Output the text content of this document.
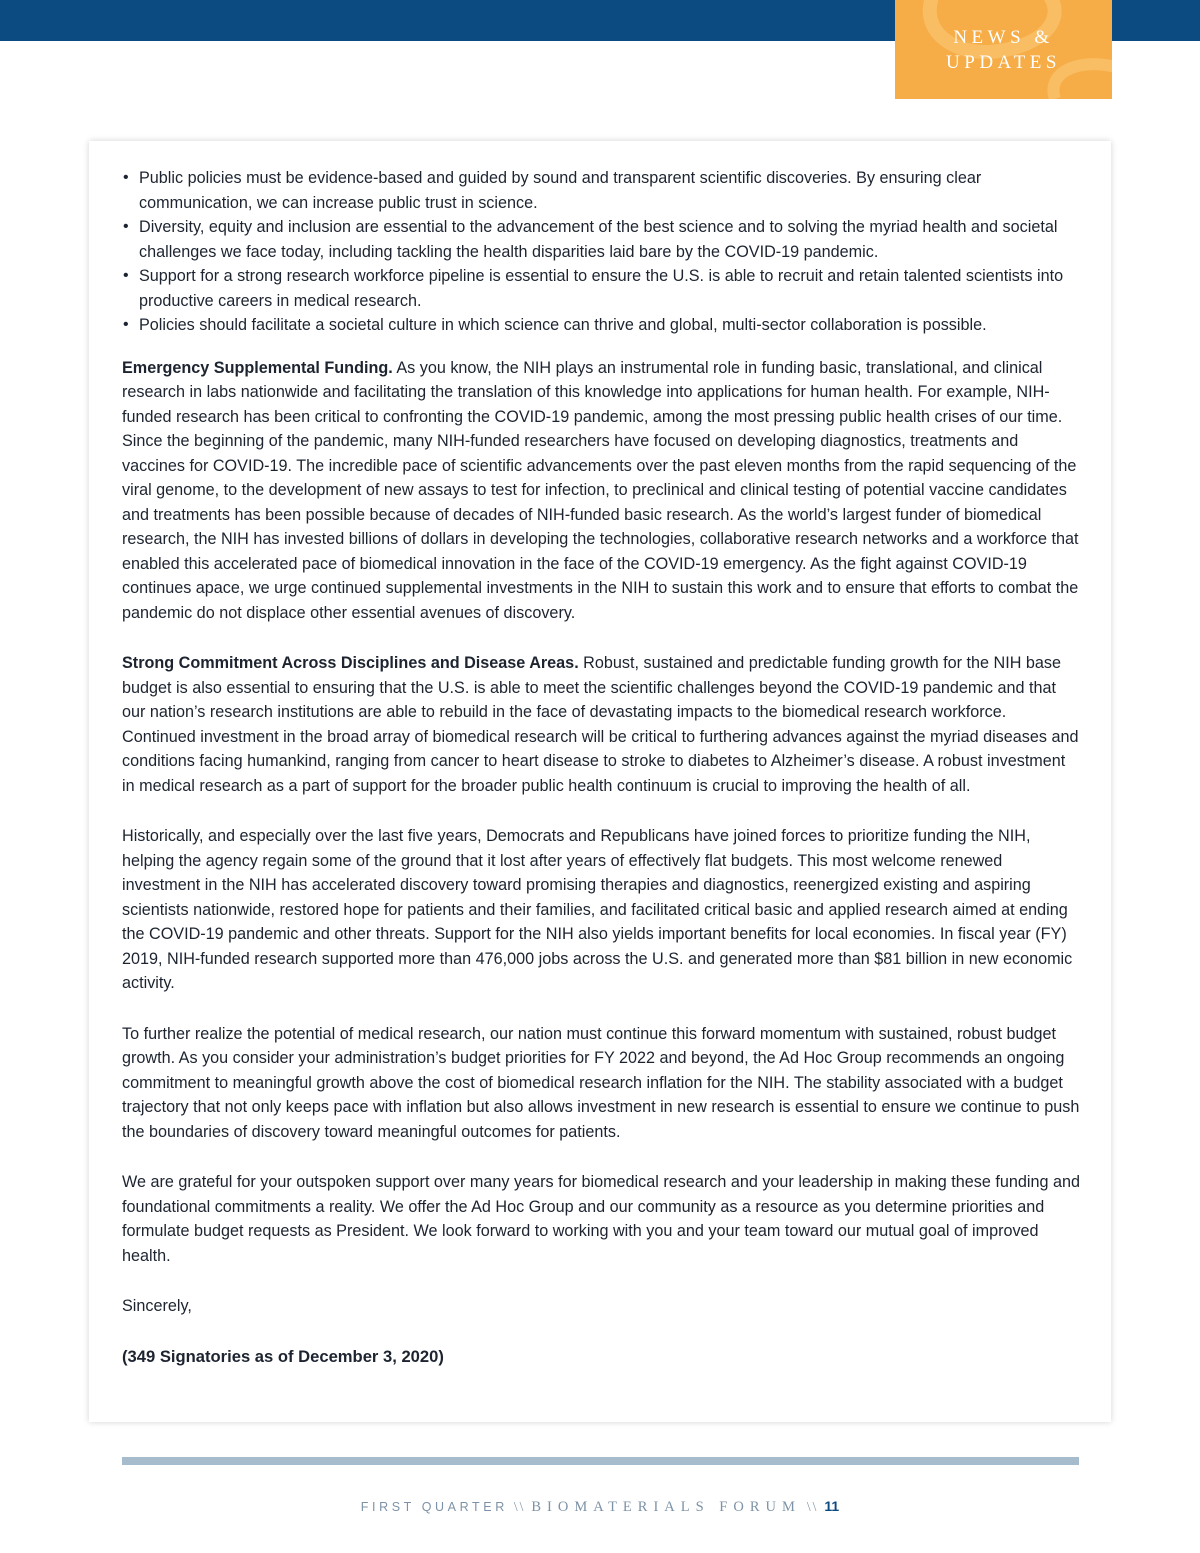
NEWS &
UPDATES
• Public policies must be evidence-based and guided by sound and transparent scientific discoveries. By ensuring clear communication, we can increase public trust in science.
• Diversity, equity and inclusion are essential to the advancement of the best science and to solving the myriad health and societal challenges we face today, including tackling the health disparities laid bare by the COVID-19 pandemic.
• Support for a strong research workforce pipeline is essential to ensure the U.S. is able to recruit and retain talented scientists into productive careers in medical research.
• Policies should facilitate a societal culture in which science can thrive and global, multi-sector collaboration is possible.

Emergency Supplemental Funding. As you know, the NIH plays an instrumental role in funding basic, translational, and clinical research in labs nationwide and facilitating the translation of this knowledge into applications for human health. For example, NIH-funded research has been critical to confronting the COVID-19 pandemic, among the most pressing public health crises of our time. Since the beginning of the pandemic, many NIH-funded researchers have focused on developing diagnostics, treatments and vaccines for COVID-19. The incredible pace of scientific advancements over the past eleven months from the rapid sequencing of the viral genome, to the development of new assays to test for infection, to preclinical and clinical testing of potential vaccine candidates and treatments has been possible because of decades of NIH-funded basic research. As the world’s largest funder of biomedical research, the NIH has invested billions of dollars in developing the technologies, collaborative research networks and a workforce that enabled this accelerated pace of biomedical innovation in the face of the COVID-19 emergency. As the fight against COVID-19 continues apace, we urge continued supplemental investments in the NIH to sustain this work and to ensure that efforts to combat the pandemic do not displace other essential avenues of discovery.

Strong Commitment Across Disciplines and Disease Areas. Robust, sustained and predictable funding growth for the NIH base budget is also essential to ensuring that the U.S. is able to meet the scientific challenges beyond the COVID-19 pandemic and that our nation’s research institutions are able to rebuild in the face of devastating impacts to the biomedical research workforce. Continued investment in the broad array of biomedical research will be critical to furthering advances against the myriad diseases and conditions facing humankind, ranging from cancer to heart disease to stroke to diabetes to Alzheimer’s disease. A robust investment in medical research as a part of support for the broader public health continuum is crucial to improving the health of all.

Historically, and especially over the last five years, Democrats and Republicans have joined forces to prioritize funding the NIH, helping the agency regain some of the ground that it lost after years of effectively flat budgets. This most welcome renewed investment in the NIH has accelerated discovery toward promising therapies and diagnostics, reenergized existing and aspiring scientists nationwide, restored hope for patients and their families, and facilitated critical basic and applied research aimed at ending the COVID-19 pandemic and other threats. Support for the NIH also yields important benefits for local economies. In fiscal year (FY) 2019, NIH-funded research supported more than 476,000 jobs across the U.S. and generated more than $81 billion in new economic activity.

To further realize the potential of medical research, our nation must continue this forward momentum with sustained, robust budget growth. As you consider your administration’s budget priorities for FY 2022 and beyond, the Ad Hoc Group recommends an ongoing commitment to meaningful growth above the cost of biomedical research inflation for the NIH. The stability associated with a budget trajectory that not only keeps pace with inflation but also allows investment in new research is essential to ensure we continue to push the boundaries of discovery toward meaningful outcomes for patients.

We are grateful for your outspoken support over many years for biomedical research and your leadership in making these funding and foundational commitments a reality. We offer the Ad Hoc Group and our community as a resource as you determine priorities and formulate budget requests as President. We look forward to working with you and your team toward our mutual goal of improved health.

Sincerely,

(349 Signatories as of December 3, 2020)

FIRST QUARTER \\ BIOMATERIALS FORUM \\ 11
